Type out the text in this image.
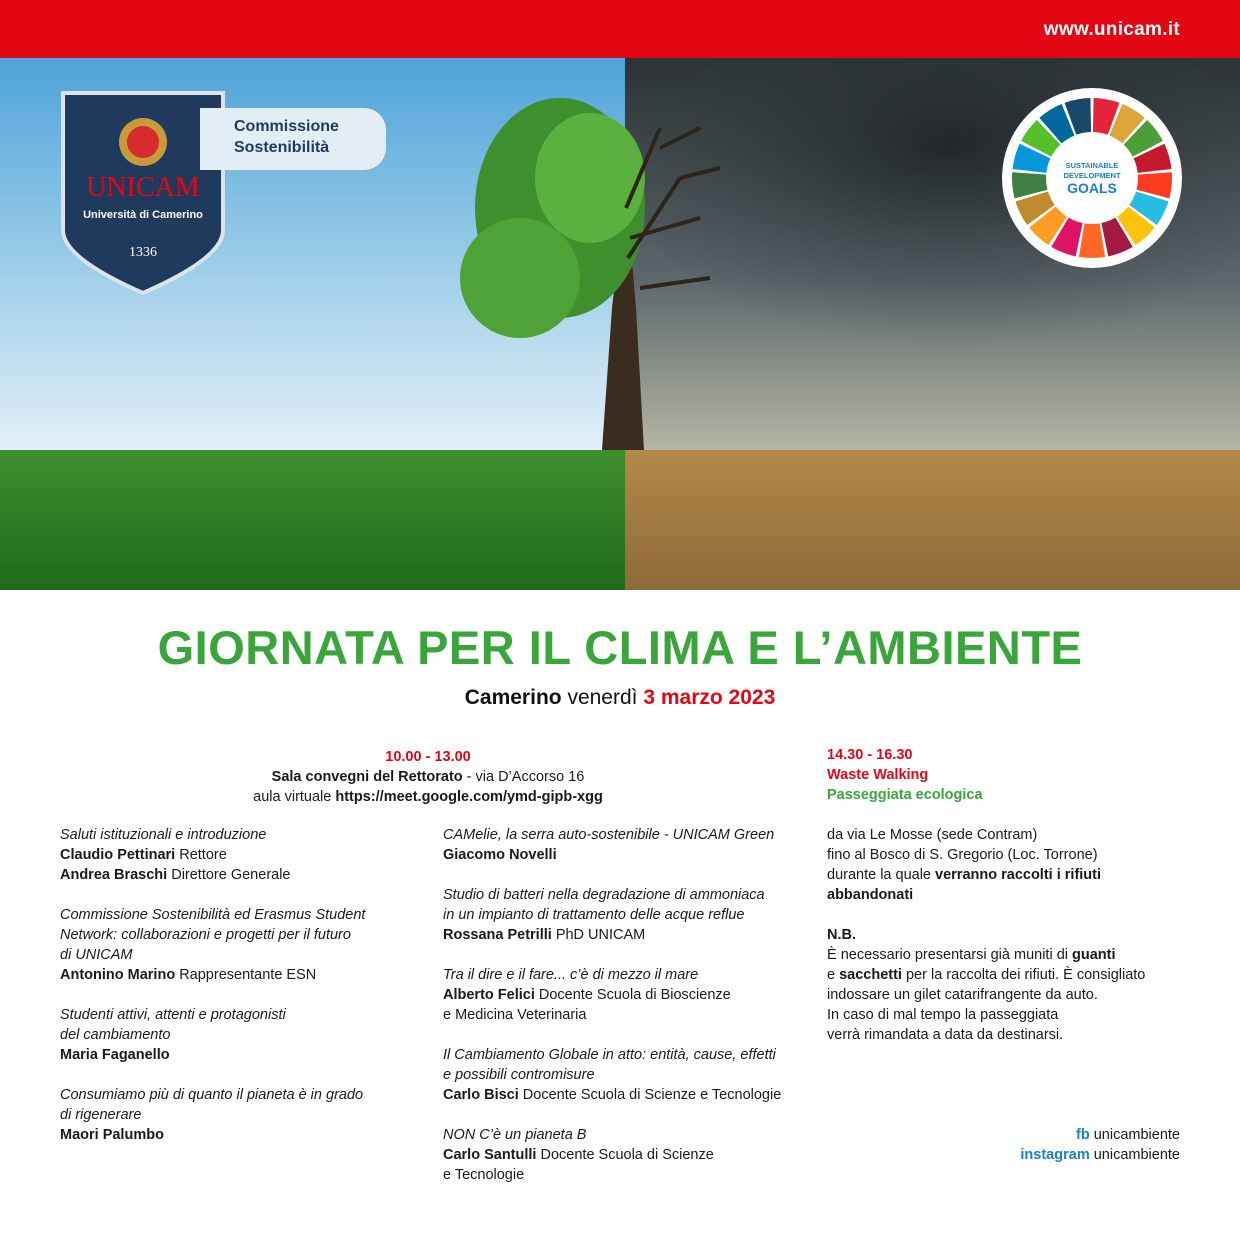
www.unicam.it
UNICAM
Università di Camerino
1336
Commissione
Sostenibilità
SUSTAINABLE
DEVELOPMENT
GOALS
GIORNATA PER IL CLIMA E L’AMBIENTE
Camerino venerdì 3 marzo 2023
10.00 - 13.00
Sala convegni del Rettorato - via D’Accorso 16
aula virtuale https://meet.google.com/ymd-gipb-xgg
Saluti istituzionali e introduzione
Claudio Pettinari Rettore
Andrea Braschi Direttore Generale
Commissione Sostenibilità ed Erasmus Student
Network: collaborazioni e progetti per il futuro
di UNICAM
Antonino Marino Rappresentante ESN
Studenti attivi, attenti e protagonisti
del cambiamento
Maria Faganello
Consumiamo più di quanto il pianeta è in grado
di rigenerare
Maori Palumbo
CAMelie, la serra auto-sostenibile - UNICAM Green
Giacomo Novelli
Studio di batteri nella degradazione di ammoniaca
in un impianto di trattamento delle acque reflue
Rossana Petrilli PhD UNICAM
Tra il dire e il fare... c’è di mezzo il mare
Alberto Felici Docente Scuola di Bioscienze
e Medicina Veterinaria
Il Cambiamento Globale in atto: entità, cause, effetti
e possibili contromisure
Carlo Bisci Docente Scuola di Scienze e Tecnologie
NON C’è un pianeta B
Carlo Santulli Docente Scuola di Scienze
e Tecnologie
14.30 - 16.30
Waste Walking
Passeggiata ecologica
da via Le Mosse (sede Contram)
fino al Bosco di S. Gregorio (Loc. Torrone)
durante la quale verranno raccolti i rifiuti
abbandonati
N.B.
È necessario presentarsi già muniti di guanti
e sacchetti per la raccolta dei rifiuti. È consigliato
indossare un gilet catarifrangente da auto.
In caso di mal tempo la passeggiata
verrà rimandata a data da destinarsi.
fb unicambiente
instagram unicambiente
